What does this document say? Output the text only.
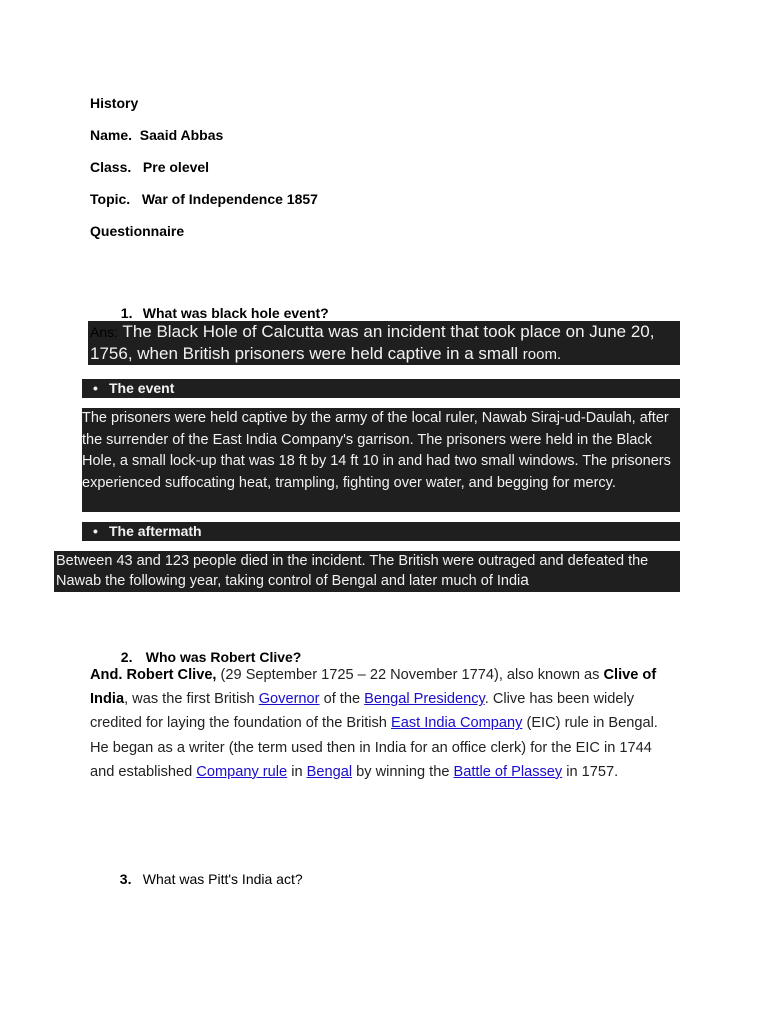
History
Name.  Saaid Abbas
Class.   Pre olevel
Topic.   War of Independence 1857
Questionnaire

1. What was black hole event?

Ans: The Black Hole of Calcutta was an incident that took place on June 20, 1756, when British prisoners were held captive in a small room.
• The event
The prisoners were held captive by the army of the local ruler, Nawab Siraj-ud-Daulah, after the surrender of the East India Company's garrison. The prisoners were held in the Black Hole, a small lock-up that was 18 ft by 14 ft 10 in and had two small windows. The prisoners experienced suffocating heat, trampling, fighting over water, and begging for mercy.
• The aftermath
Between 43 and 123 people died in the incident. The British were outraged and defeated the Nawab the following year, taking control of Bengal and later much of India

2. Who was Robert Clive?

And. Robert Clive, (29 September 1725 – 22 November 1774), also known as Clive of India, was the first British Governor of the Bengal Presidency. Clive has been widely credited for laying the foundation of the British East India Company (EIC) rule in Bengal. He began as a writer (the term used then in India for an office clerk) for the EIC in 1744 and established Company rule in Bengal by winning the Battle of Plassey in 1757.

3. What was Pitt's India act?
